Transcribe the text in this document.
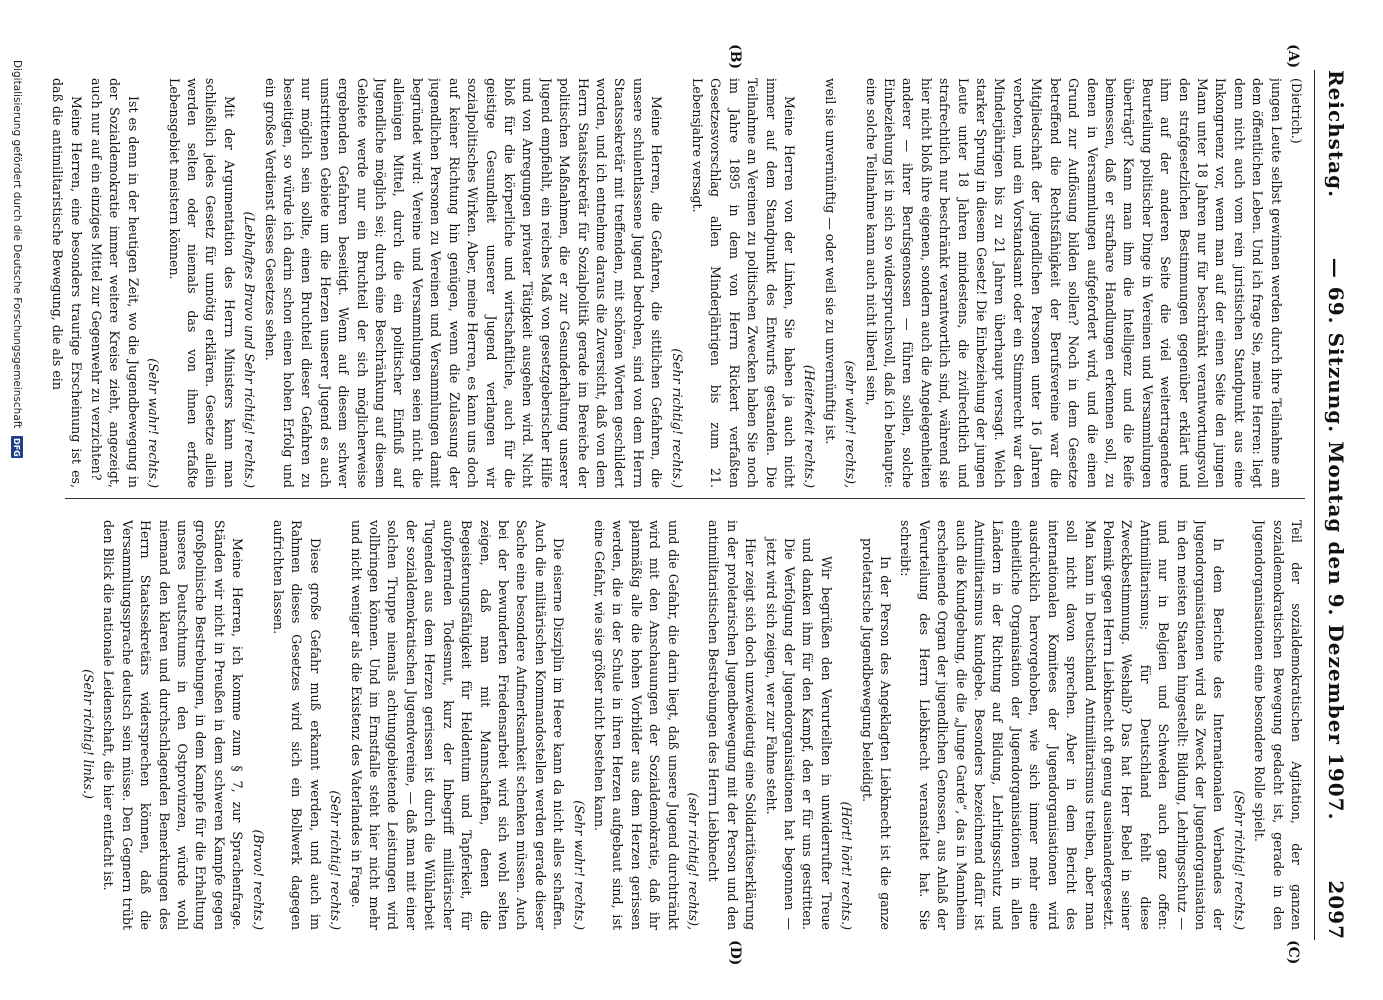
Reichstag.
— 69. Sitzung. Montag den 9. Dezember 1907.
2097
(A)
(B)
(C)
(D)

(Dietrich.)

jungen Leute selbst gewinnen werden durch ihre Teilnahme am dem öffentlichen Leben. Und ich frage Sie, meine Herren: liegt denn nicht auch vom rein juristischen Standpunkt aus eine Inkongruenz vor, wenn man auf der einen Seite den jungen Mann unter 18 Jahren nur für beschränkt verantwortungsvoll den strafgesetzlichen Bestimmungen gegenüber erklärt und ihm auf der anderen Seite die viel weitertragendere Beurteilung politischer Dinge in Vereinen und Versammlungen überträgt? Kann man ihm die Intelligenz und die Reife beimessen, daß er strafbare Handlungen erkennen soll, zu denen in Versammlungen aufgefordert wird, und die einen Grund zur Auflösung bilden sollen? Noch in dem Gesetze betreffend die Rechtsfähigkeit der Berufsvereine war die Mitgliedschaft der jugendlichen Personen unter 16 Jahren verboten, und ein Vorstandsamt oder ein Stimmrecht war den Minderjährigen bis zu 21 Jahren überhaupt versagt. Welch starker Sprung in diesem Gesetz! Die Einbeziehung der jungen Leute unter 18 Jahren mindestens, die zivilrechtlich und strafrechtlich nur beschränkt verantwortlich sind, während sie hier nicht bloß ihre eigenen, sondern auch die Angelegenheiten anderer — ihrer Berufsgenossen — führen sollen, solche Einbeziehung ist in sich so widerspruchsvoll, daß ich behaupte: eine solche Teilnahme kann auch nicht liberal sein,

(sehr wahr! rechts),

weil sie unvernünftig — oder weil sie zu unvernünftig ist.

(Heiterkeit rechts.)

Meine Herren von der Linken, Sie haben ja auch nicht immer auf dem Standpunkt des Entwurfs gestanden. Die Teilnahme an Vereinen zu politischen Zwecken haben Sie noch im Jahre 1895 in dem von Herrn Rickert verfaßten Gesetzesvorschlag allen Minderjährigen bis zum 21. Lebensjahre versagt.

(Sehr richtig! rechts.)

Meine Herren, die Gefahren, die sittlichen Gefahren, die unsere schulentlassene Jugend bedrohen, sind von dem Herrn Staatssekretär mit treffenden, mit schönen Worten geschildert worden, und ich entnehme daraus die Zuversicht, daß von dem Herrn Staatssekretär für Sozialpolitik gerade im Bereiche der politischen Maßnahmen, die er zur Gesunderhaltung unserer Jugend empfiehlt, ein reiches Maß von gesetzgeberischer Hilfe und von Anregungen privater Tätigkeit ausgehen wird. Nicht bloß für die körperliche und wirtschaftliche, auch für die geistige Gesundheit unserer Jugend verlangen wir sozialpolitisches Wirken. Aber, meine Herren, es kann uns doch auf keiner Richtung hin genügen, wenn die Zulassung der jugendlichen Personen zu Vereinen und Versammlungen damit begründet wird: Vereine und Versammlungen seien nicht die alleinigen Mittel, durch die ein politischer Einfluß auf Jugendliche möglich sei; durch eine Beschränkung auf diesem Gebiete werde nur ein Bruchteil der sich möglicherweise ergebenden Gefahren beseitigt. Wenn auf diesem schwer umstrittenen Gebiete um die Herzen unserer Jugend es auch nur möglich sein sollte, einen Bruchteil dieser Gefahren zu beseitigen, so würde ich darin schon einen hohen Erfolg und ein großes Verdienst dieses Gesetzes sehen.

(Lebhaftes Bravo und Sehr richtig! rechts.)

Mit der Argumentation des Herrn Ministers kann man schließlich jedes Gesetz für unnötig erklären. Gesetze allein werden selten oder niemals das von ihnen erfaßte Lebensgebiet meistern können.

(Sehr wahr! rechts.)

Ist es denn in der heutigen Zeit, wo die Jugendbewegung in der Sozialdemokratie immer weitere Kreise zieht, angezeigt, auch nur auf ein einziges Mittel zur Gegenwehr zu verzichten?

Meine Herren, eine besonders traurige Erscheinung ist es, daß die antimilitaristische Bewegung, die als ein

Teil der sozialdemokratischen Agitation, der ganzen sozialdemokratischen Bewegung gedacht ist, gerade in den Jugendorganisationen eine besondere Rolle spielt.

(Sehr richtig! rechts.)

In dem Berichte des Internationalen Verbandes der Jugendorganisationen wird als Zweck der Jugendorganisation in den meisten Staaten hingestellt: Bildung, Lehrlingsschutz — und nur in Belgien und Schweden auch ganz offen: Antimilitarismus; für Deutschland fehlt diese Zweckbestimmung. Weshalb? Das hat Herr Bebel in seiner Polemik gegen Herrn Liebknecht oft genug auseinandergesetzt. Man kann in Deutschland Antimilitarismus treiben, aber man soll nicht davon sprechen. Aber in dem Bericht des internationalen Komitees der Jugendorganisationen wird ausdrücklich hervorgehoben, wie sich immer mehr eine einheitliche Organisation der Jugendorganisationen in allen Ländern in der Richtung auf Bildung, Lehrlingsschutz und Antimilitarismus kundgebe. Besonders bezeichnend dafür ist auch die Kundgebung, die die „Junge Garde“, das in Mannheim erscheinende Organ der jugendlichen Genossen, aus Anlaß der Verurteilung des Herrn Liebknecht veranstaltet hat. Sie schreibt:

In der Person des Angeklagten Liebknecht ist die ganze proletarische Jugendbewegung beleidigt.

(Hört! hört! rechts.)

Wir begrüßen den Verurteilten in unwiderrufter Treue und danken ihm für den Kampf, den er für uns gestritten. Die Verfolgung der Jugendorganisationen hat begonnen — jetzt wird sich zeigen, wer zur Fahne steht.

Hier zeigt sich doch unzweideutig eine Solidaritätserklärung in der proletarischen Jugendbewegung mit der Person und den antimilitaristischen Bestrebungen des Herrn Liebknecht

(sehr richtig! rechts),

und die Gefahr, die darin liegt, daß unsere Jugend durchtränkt wird mit den Anschauungen der Sozialdemokratie, daß ihr planmäßig alle die hohen Vorbilder aus dem Herzen gerissen werden, die in der Schule in ihren Herzen aufgebaut sind, ist eine Gefahr, wie sie größer nicht bestehen kann.

(Sehr wahr! rechts.)

Die eiserne Disziplin im Heere kann da nicht alles schaffen. Auch die militärischen Kommandostellen werden gerade dieser Sache eine besondere Aufmerksamkeit schenken müssen. Auch bei der bewunderten Friedensarbeit wird sich wohl selten zeigen, daß man mit Mannschaften, denen die Begeisterungsfähigkeit für Heldentum und Tapferkeit, für aufopfernden Todesmut, kurz der Inbegriff militärischer Tugenden aus dem Herzen gerissen ist durch die Wühlarbeit der sozialdemokratischen Jugendvereine, — daß man mit einer solchen Truppe niemals achtunggebietende Leistungen wird vollbringen können. Und im Ernstfalle steht hier nicht mehr und nicht weniger als die Existenz des Vaterlandes in Frage.

(Sehr richtig! rechts.)

Diese große Gefahr muß erkannt werden, und auch im Rahmen dieses Gesetzes wird sich ein Bollwerk dagegen aufrichten lassen.

(Bravo! rechts.)

Meine Herren, ich komme zum § 7, zur Sprachenfrage. Ständen wir nicht in Preußen in dem schweren Kampfe gegen großpolnische Bestrebungen, in dem Kampfe für die Erhaltung unseres Deutschtums in den Ostprovinzen, würde wohl niemand den klaren und durchschlagenden Bemerkungen des Herrn Staatssekretärs widersprechen können, daß die Versammlungssprache deutsch sein müsse. Den Gegnern trübt den Blick die nationale Leidenschaft, die hier entfacht ist.

(Sehr richtig! links.)

Digitalisierung gefördert durch die Deutsche Forschungsgemeinschaft
DFG
